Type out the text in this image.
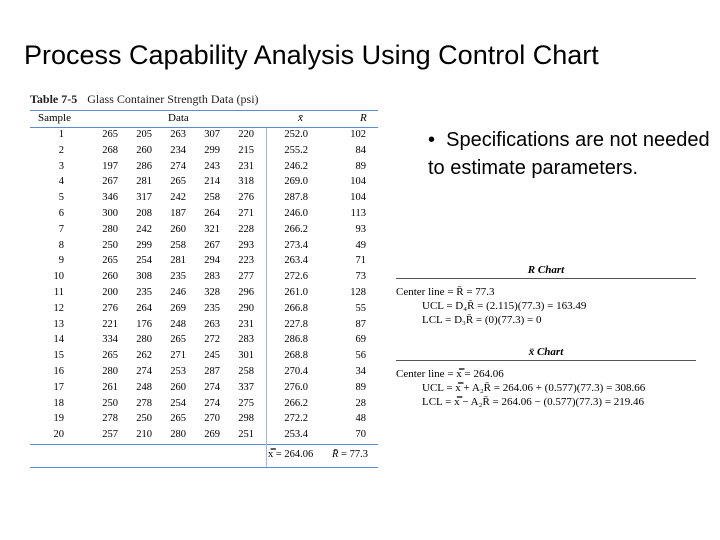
Process Capability Analysis Using Control Chart
Table 7-5 Glass Container Strength Data (psi)
Sample	Data	x̄	R
1	265	205	263	307	220	252.0	102
2	268	260	234	299	215	255.2	84
3	197	286	274	243	231	246.2	89
4	267	281	265	214	318	269.0	104
5	346	317	242	258	276	287.8	104
6	300	208	187	264	271	246.0	113
7	280	242	260	321	228	266.2	93
8	250	299	258	267	293	273.4	49
9	265	254	281	294	223	263.4	71
10	260	308	235	283	277	272.6	73
11	200	235	246	328	296	261.0	128
12	276	264	269	235	290	266.8	55
13	221	176	248	263	231	227.8	87
14	334	280	265	272	283	286.8	69
15	265	262	271	245	301	268.8	56
16	280	274	253	287	258	270.4	34
17	261	248	260	274	337	276.0	89
18	250	278	254	274	275	266.2	28
19	278	250	265	270	298	272.2	48
20	257	210	280	269	251	253.4	70
x̿ = 264.06 R̄ = 77.3
•  Specifications are not needed to estimate parameters.
R Chart
Center line = R̄ = 77.3
UCL = D₄R̄ = (2.115)(77.3) = 163.49
LCL = D₃R̄ = (0)(77.3) = 0
x̄ Chart
Center line = x̿ = 264.06
UCL = x̿ + A₂R̄ = 264.06 + (0.577)(77.3) = 308.66
LCL = x̿ − A₂R̄ = 264.06 − (0.577)(77.3) = 219.46
